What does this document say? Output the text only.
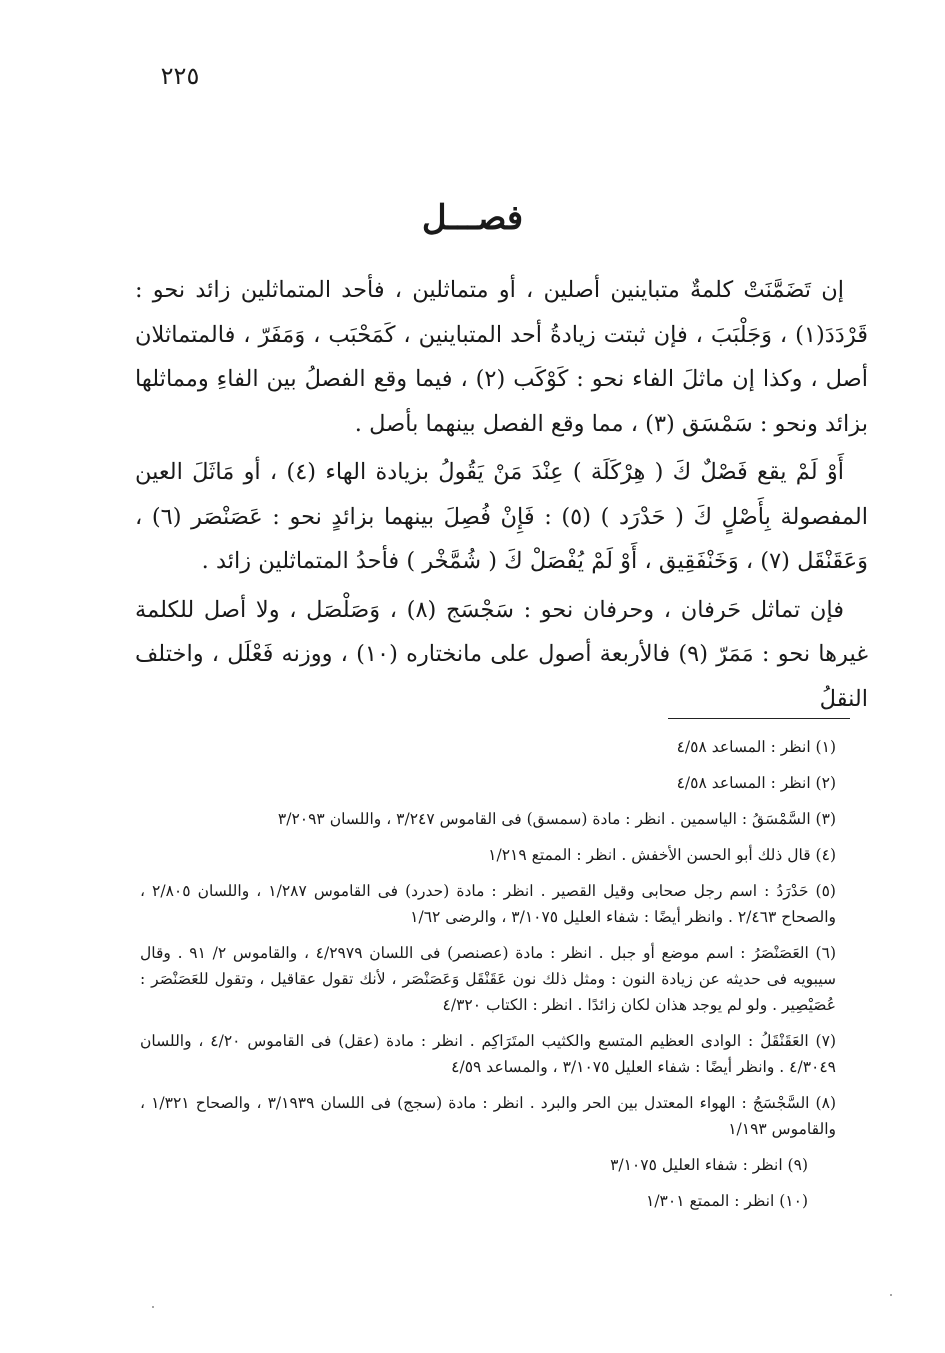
٢٢٥
فصـــل

إن تَضَمَّنَتْ كلمةٌ متباينين أصلين ، أو متماثلين ، فأحد المتماثلين زائد نحو : قَرْدَدَ(١) ، وَجَلْبَبَ ، فإن ثبتت زيادةُ أحد المتباينين ، كَمَحْبَب ، وَمَفَرّ ، فالمتماثلان أصل ، وكذا إن ماثلَ الفاء نحو : كَوْكَب (٢) ، فيما وقع الفصلُ بين الفاءِ ومماثلها بزائد ونحو : سَمْسَق (٣) ، مما وقع الفصل بينهما بأصل .

أَوْ لَمْ يقع فَصْلٌ كَ ( هِرْكَلَة ) عِنْدَ مَنْ يَقُولُ بزيادة الهاء (٤) ، أو مَاثَلَ العين المفصولة بِأَصْلٍ كَ ( حَدْرَد ) (٥) : فَإِنْ فُصِلَ بينهما بزائدٍ نحو : عَصَنْصَر (٦) ، وَعَقَنْقَل (٧) ، وَخَنْفَقِيق ، أَوْ لَمْ يُفْصَلْ كَ ( شُمَّخْر ) فأحدُ المتماثلين زائد .

فإن تماثل حَرفان ، وحرفان نحو : سَجْسَج (٨) ، وَصَلْصَل ، ولا أصل للكلمة غيرها نحو : مَمَرّ (٩) فالأربعة أصول على مانختاره (١٠) ، ووزنه فَعْلَل ، واختلف النقلُ

(١) انظر : المساعد ٤/٥٨

(٢) انظر : المساعد ٤/٥٨

(٣) السَّمْسَقُ : الياسمين . انظر : مادة (سمسق) فى القاموس ٣/٢٤٧ ، واللسان ٣/٢٠٩٣

(٤) قال ذلك أبو الحسن الأخفش . انظر : الممتع ١/٢١٩

(٥) حَدْرَدُ : اسم رجل صحابى وقيل القصير . انظر : مادة (حدرد) فى القاموس ١/٢٨٧ ، واللسان ٢/٨٠٥ ، والصحاح ٢/٤٦٣ . وانظر أيضًا : شفاء العليل ٣/١٠٧٥ ، والرضى ١/٦٢

(٦) العَصَنْصَرُ : اسم موضع أو جبل . انظر : مادة (عصنصر) فى اللسان ٤/٢٩٧٩ ، والقاموس ٢/ ٩١ . وقال سيبويه فى حديثه عن زيادة النون : ومثل ذلك نون عَقَنْقَل وَعَصَنْصَر ، لأنك تقول عقاقيل ، وتقول للعَصَنْصَر : عُصَيْصِير . ولو لم يوجد هذان لكان زائدًا . انظر : الكتاب ٤/٣٢٠

(٧) العَقَنْقَلُ : الوادى العظيم المتسع والكثيب المتَرَاكِم . انظر : مادة (عقل) فى القاموس ٤/٢٠ ، واللسان ٤/٣٠٤٩ . وانظر أيضًا : شفاء العليل ٣/١٠٧٥ ، والمساعد ٤/٥٩

(٨) السَّجْسَجُ : الهواء المعتدل بين الحر والبرد . انظر : مادة (سجج) فى اللسان ٣/١٩٣٩ ، والصحاح ١/٣٢١ ، والقاموس ١/١٩٣

(٩) انظر : شفاء العليل ٣/١٠٧٥

(١٠) انظر : الممتع ١/٣٠١
